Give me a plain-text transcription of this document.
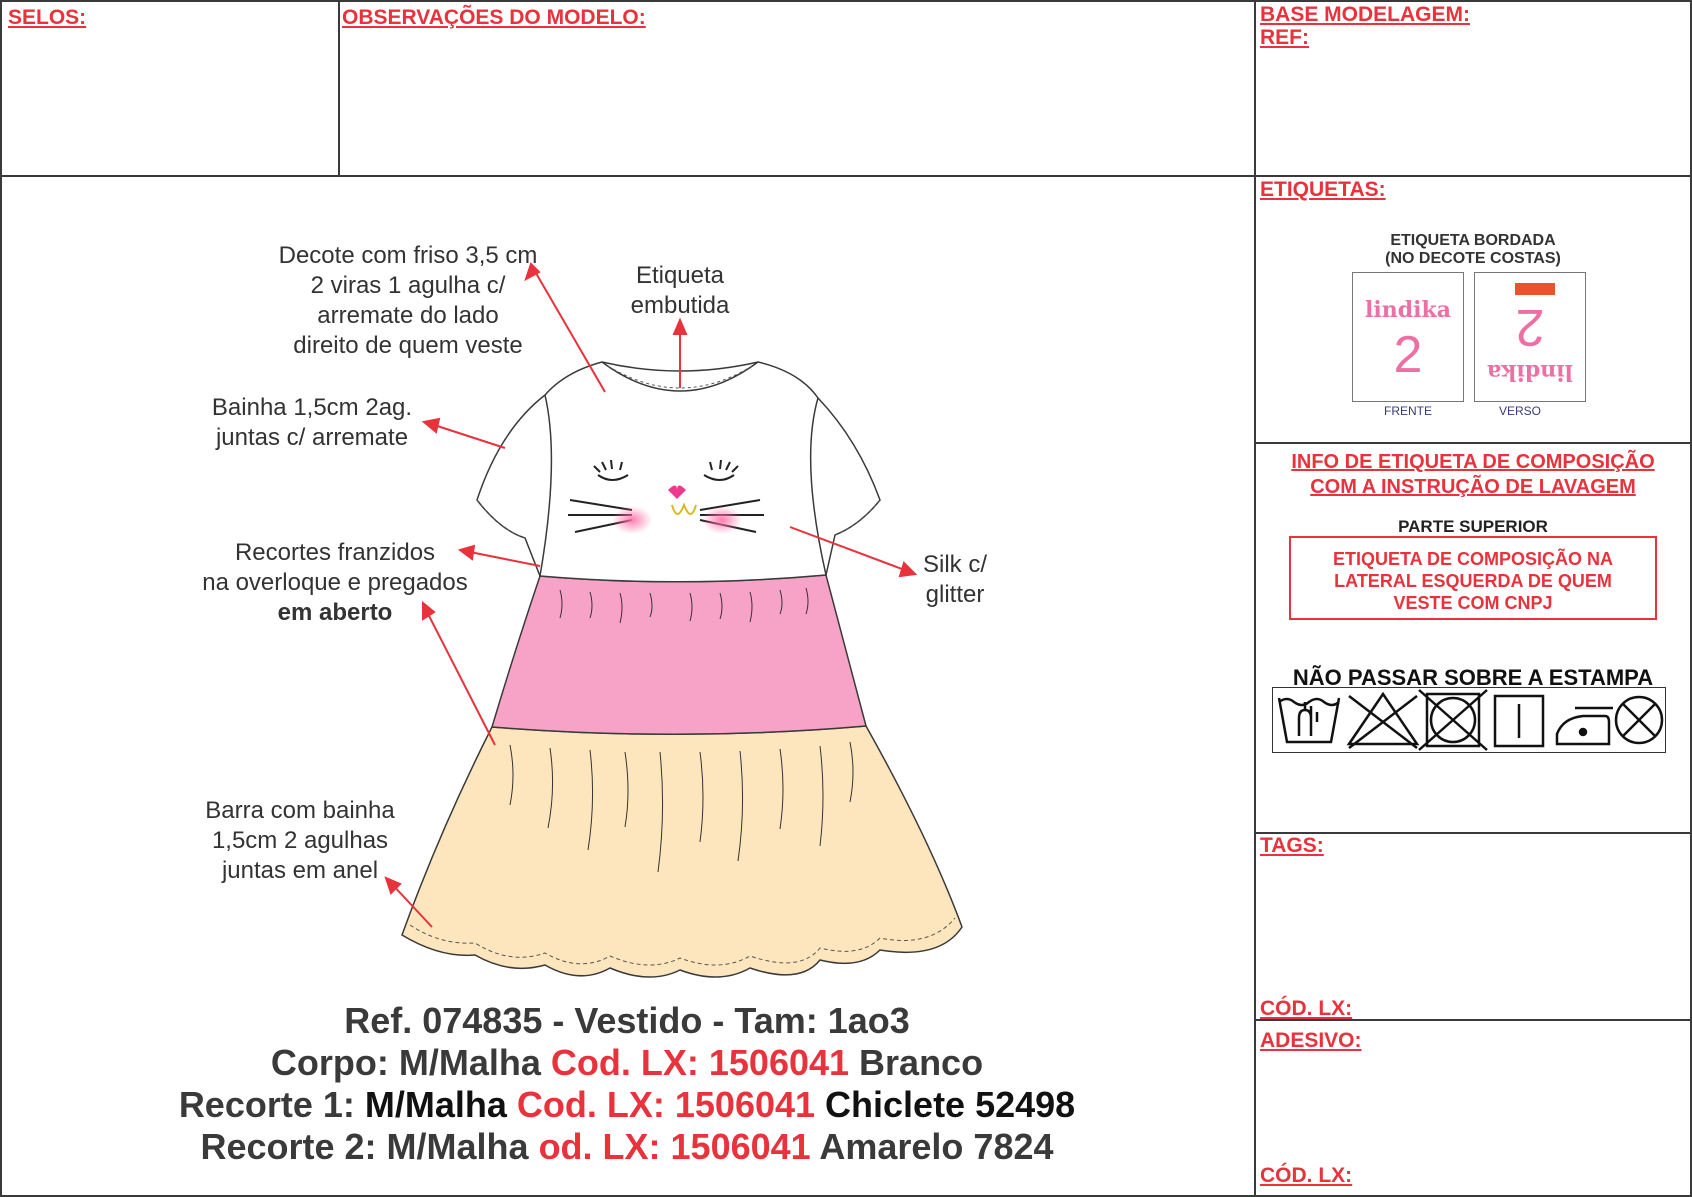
SELOS:	OBSERVAÇÕES DO MODELO:	BASE MODELAGEM:
REF:
Decote com friso 3,5 cm
2 viras 1 agulha c/
arremate do lado
direito de quem veste
Etiqueta
embutida
Bainha 1,5cm 2ag.
juntas c/ arremate
Recortes franzidos
na overloque e pregados
em aberto
Silk c/
glitter
Barra com bainha
1,5cm 2 agulhas
juntas em anel
Ref. 074835 - Vestido - Tam: 1ao3
Corpo: M/Malha Cod. LX: 1506041 Branco
Recorte 1: M/Malha Cod. LX: 1506041 Chiclete 52498
Recorte 2: M/Malha od. LX: 1506041 Amarelo 7824
ETIQUETAS:
ETIQUETA BORDADA
(NO DECOTE COSTAS)
lindika
2
FRENTE
2
lindika
VERSO
INFO DE ETIQUETA DE COMPOSIÇÃO
COM A INSTRUÇÃO DE LAVAGEM
PARTE SUPERIOR
ETIQUETA DE COMPOSIÇÃO NA
LATERAL ESQUERDA DE QUEM
VESTE COM CNPJ
NÃO PASSAR SOBRE A ESTAMPA
TAGS:
CÓD. LX:
ADESIVO:
CÓD. LX:
